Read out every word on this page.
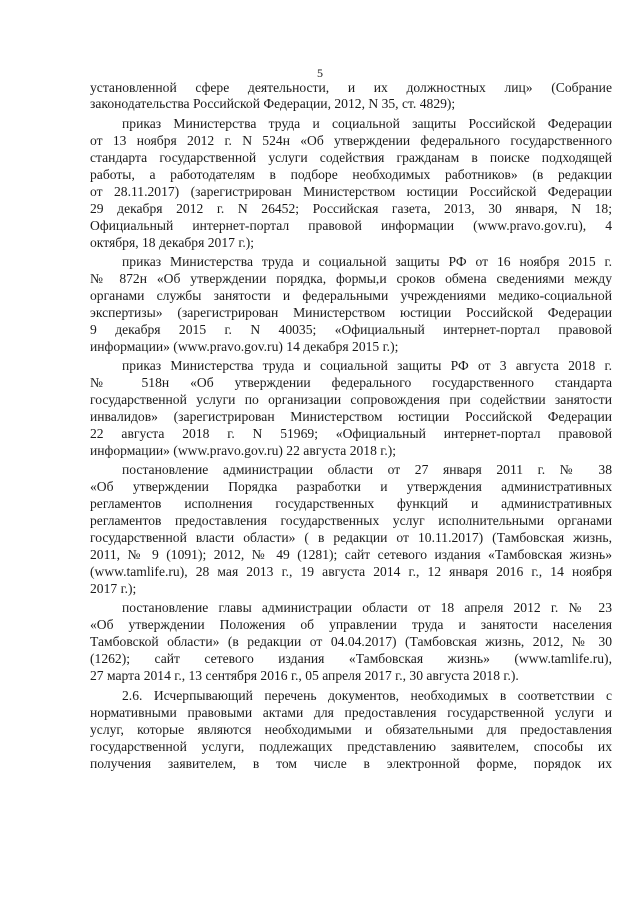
5
установленной сфере деятельности, и их должностных лиц» (Собрание
законодательства Российской Федерации, 2012, N 35, ст. 4829);
приказ Министерства труда и социальной защиты Российской Федерации
от 13 ноября 2012 г. N 524н «Об утверждении федерального государственного
стандарта государственной услуги содействия гражданам в поиске подходящей
работы, а работодателям в подборе необходимых работников» (в редакции
от 28.11.2017) (зарегистрирован Министерством юстиции Российской Федерации
29 декабря 2012 г. N 26452; Российская газета, 2013, 30 января, N 18;
Официальный интернет-портал правовой информации (www.pravo.gov.ru), 4
октября, 18 декабря 2017 г.);
приказ Министерства труда и социальной защиты РФ от 16 ноября 2015 г.
№ 872н «Об утверждении порядка, формы,и сроков обмена сведениями между
органами службы занятости и федеральными учреждениями медико-социальной
экспертизы» (зарегистрирован Министерством юстиции Российской Федерации
9 декабря 2015 г. N 40035; «Официальный интернет-портал правовой
информации» (www.pravo.gov.ru) 14 декабря 2015 г.);
приказ Министерства труда и социальной защиты РФ от 3 августа 2018 г.
№ 518н «Об утверждении федерального государственного стандарта
государственной услуги по организации сопровождения при содействии занятости
инвалидов» (зарегистрирован Министерством юстиции Российской Федерации
22 августа 2018 г. N 51969; «Официальный интернет-портал правовой
информации» (www.pravo.gov.ru) 22 августа 2018 г.);
постановление администрации области от 27 января 2011 г. № 38
«Об утверждении Порядка разработки и утверждения административных
регламентов исполнения государственных функций и административных
регламентов предоставления государственных услуг исполнительными органами
государственной власти области» ( в редакции от 10.11.2017) (Тамбовская жизнь,
2011, № 9 (1091); 2012, № 49 (1281); сайт сетевого издания «Тамбовская жизнь»
(www.tamlife.ru), 28 мая 2013 г., 19 августа 2014 г., 12 января 2016 г., 14 ноября
2017 г.);
постановление главы администрации области от 18 апреля 2012 г. № 23
«Об утверждении Положения об управлении труда и занятости населения
Тамбовской области» (в редакции от 04.04.2017) (Тамбовская жизнь, 2012, № 30
(1262); сайт сетевого издания «Тамбовская жизнь» (www.tamlife.ru),
27 марта 2014 г., 13 сентября 2016 г., 05 апреля 2017 г., 30 августа 2018 г.).
2.6. Исчерпывающий перечень документов, необходимых в соответствии с
нормативными правовыми актами для предоставления государственной услуги и
услуг, которые являются необходимыми и обязательными для предоставления
государственной услуги, подлежащих представлению заявителем, способы их
получения заявителем, в том числе в электронной форме, порядок их
